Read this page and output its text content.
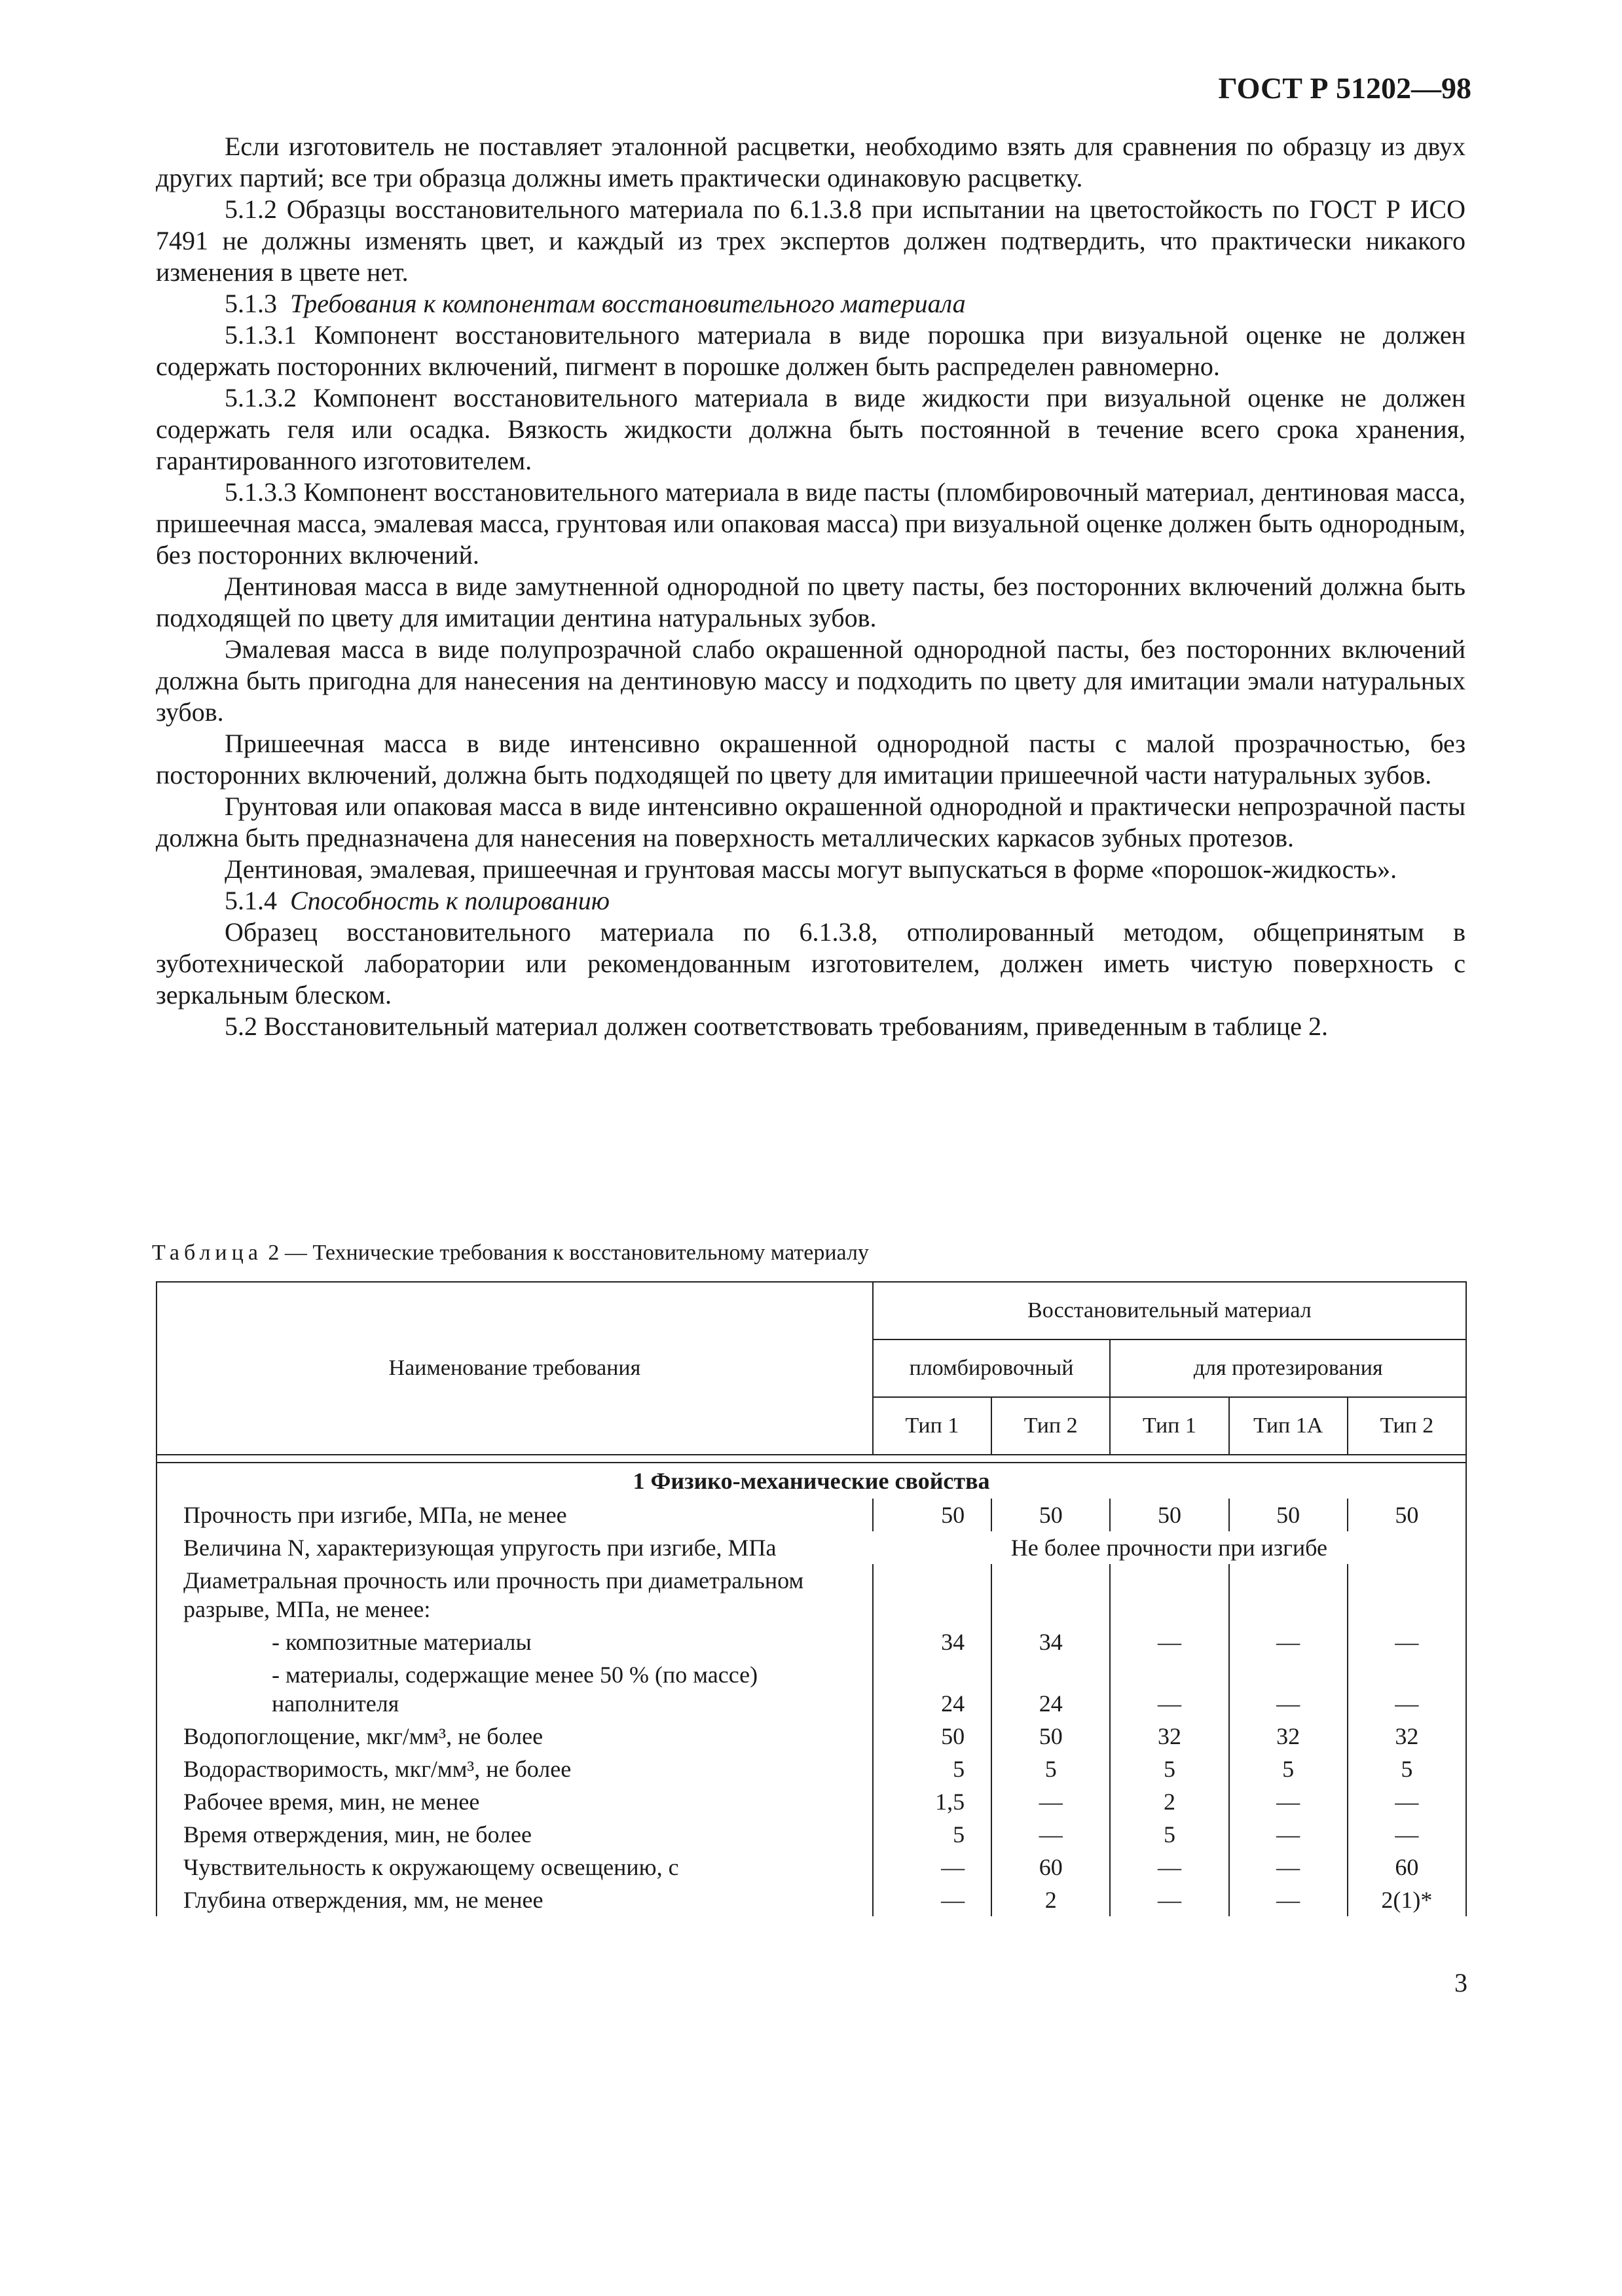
ГОСТ Р 51202—98

Если изготовитель не поставляет эталонной расцветки, необходимо взять для сравнения по образцу из двух других партий; все три образца должны иметь практически одинаковую расцветку.

5.1.2 Образцы восстановительного материала по 6.1.3.8 при испытании на цветостойкость по ГОСТ Р ИСО 7491 не должны изменять цвет, и каждый из трех экспертов должен подтвердить, что практически никакого изменения в цвете нет.

5.1.3 Требования к компонентам восстановительного материала

5.1.3.1 Компонент восстановительного материала в виде порошка при визуальной оценке не должен содержать посторонних включений, пигмент в порошке должен быть распределен равномерно.

5.1.3.2 Компонент восстановительного материала в виде жидкости при визуальной оценке не должен содержать геля или осадка. Вязкость жидкости должна быть постоянной в течение всего срока хранения, гарантированного изготовителем.

5.1.3.3 Компонент восстановительного материала в виде пасты (пломбировочный материал, дентиновая масса, пришеечная масса, эмалевая масса, грунтовая или опаковая масса) при визуальной оценке должен быть однородным, без посторонних включений.

Дентиновая масса в виде замутненной однородной по цвету пасты, без посторонних включений должна быть подходящей по цвету для имитации дентина натуральных зубов.

Эмалевая масса в виде полупрозрачной слабо окрашенной однородной пасты, без посторонних включений должна быть пригодна для нанесения на дентиновую массу и подходить по цвету для имитации эмали натуральных зубов.

Пришеечная масса в виде интенсивно окрашенной однородной пасты с малой прозрачностью, без посторонних включений, должна быть подходящей по цвету для имитации пришеечной части натуральных зубов.

Грунтовая или опаковая масса в виде интенсивно окрашенной однородной и практически непрозрачной пасты должна быть предназначена для нанесения на поверхность металлических каркасов зубных протезов.

Дентиновая, эмалевая, пришеечная и грунтовая массы могут выпускаться в форме «порошок-жидкость».

5.1.4 Способность к полированию

Образец восстановительного материала по 6.1.3.8, отполированный методом, общепринятым в зуботехнической лаборатории или рекомендованным изготовителем, должен иметь чистую поверхность с зеркальным блеском.

5.2 Восстановительный материал должен соответствовать требованиям, приведенным в таблице 2.

Таблица 2 — Технические требования к восстановительному материалу
Наименование требования	Восстановительный материал				
	пломбировочный		для протезирования		
	Тип 1	Тип 2	Тип 1	Тип 1А	Тип 2

1 Физико-механические свойства					
Прочность при изгибе, МПа, не менее	50	50	50	50	50
Величина N, характеризующая упругость при изгибе, МПа	Не более прочности при изгибе				
Диаметральная прочность или прочность при диаметральном разрыве, МПа, не менее:					
- композитные материалы	34	34	—	—	—
- материалы, содержащие менее 50 % (по массе) наполнителя	24	24	—	—	—
Водопоглощение, мкг/мм³, не более	50	50	32	32	32
Водорастворимость, мкг/мм³, не более	5	5	5	5	5
Рабочее время, мин, не менее	1,5	—	2	—	—
Время отверждения, мин, не более	5	—	5	—	—
Чувствительность к окружающему освещению, с	—	60	—	—	60
Глубина отверждения, мм, не менее	—	2	—	—	2(1)*
3
